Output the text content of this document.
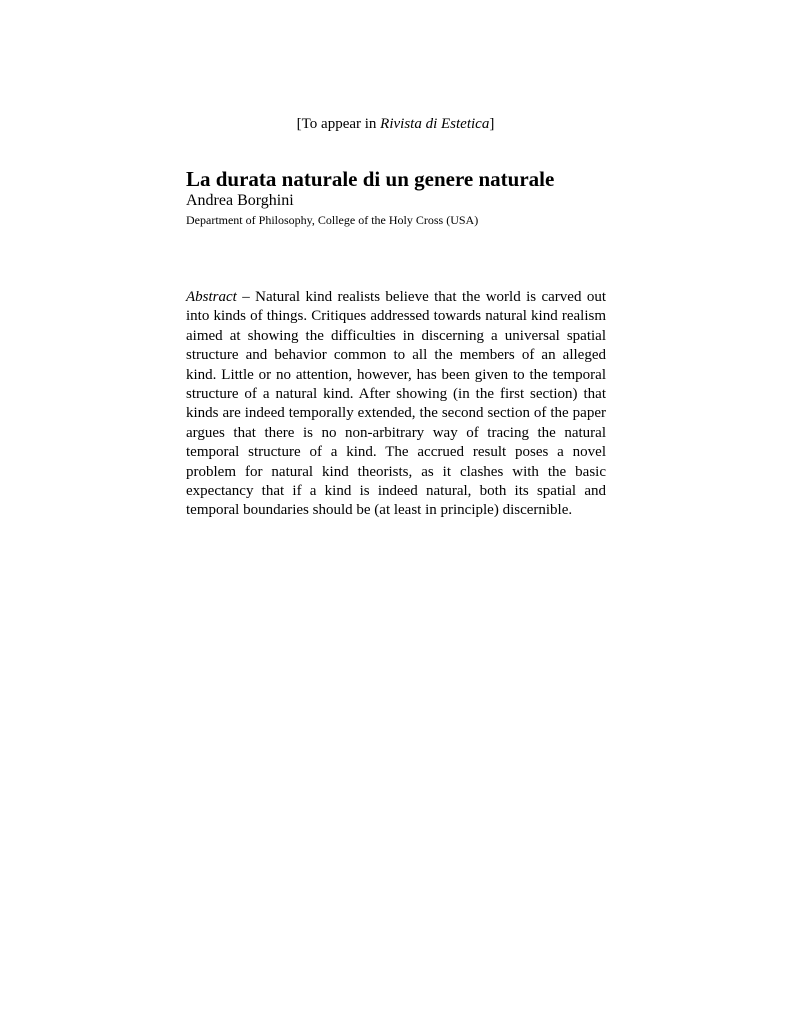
[To appear in Rivista di Estetica]
La durata naturale di un genere naturale
Andrea Borghini
Department of Philosophy, College of the Holy Cross (USA)

Abstract – Natural kind realists believe that the world is carved out into kinds of things. Critiques addressed towards natural kind realism aimed at showing the difficulties in discerning a universal spatial structure and behavior common to all the members of an alleged kind. Little or no attention, however, has been given to the temporal structure of a natural kind. After showing (in the first section) that kinds are indeed temporally extended, the second section of the paper argues that there is no non-arbitrary way of tracing the natural temporal structure of a kind. The accrued result poses a novel problem for natural kind theorists, as it clashes with the basic expectancy that if a kind is indeed natural, both its spatial and temporal boundaries should be (at least in principle) discernible.
